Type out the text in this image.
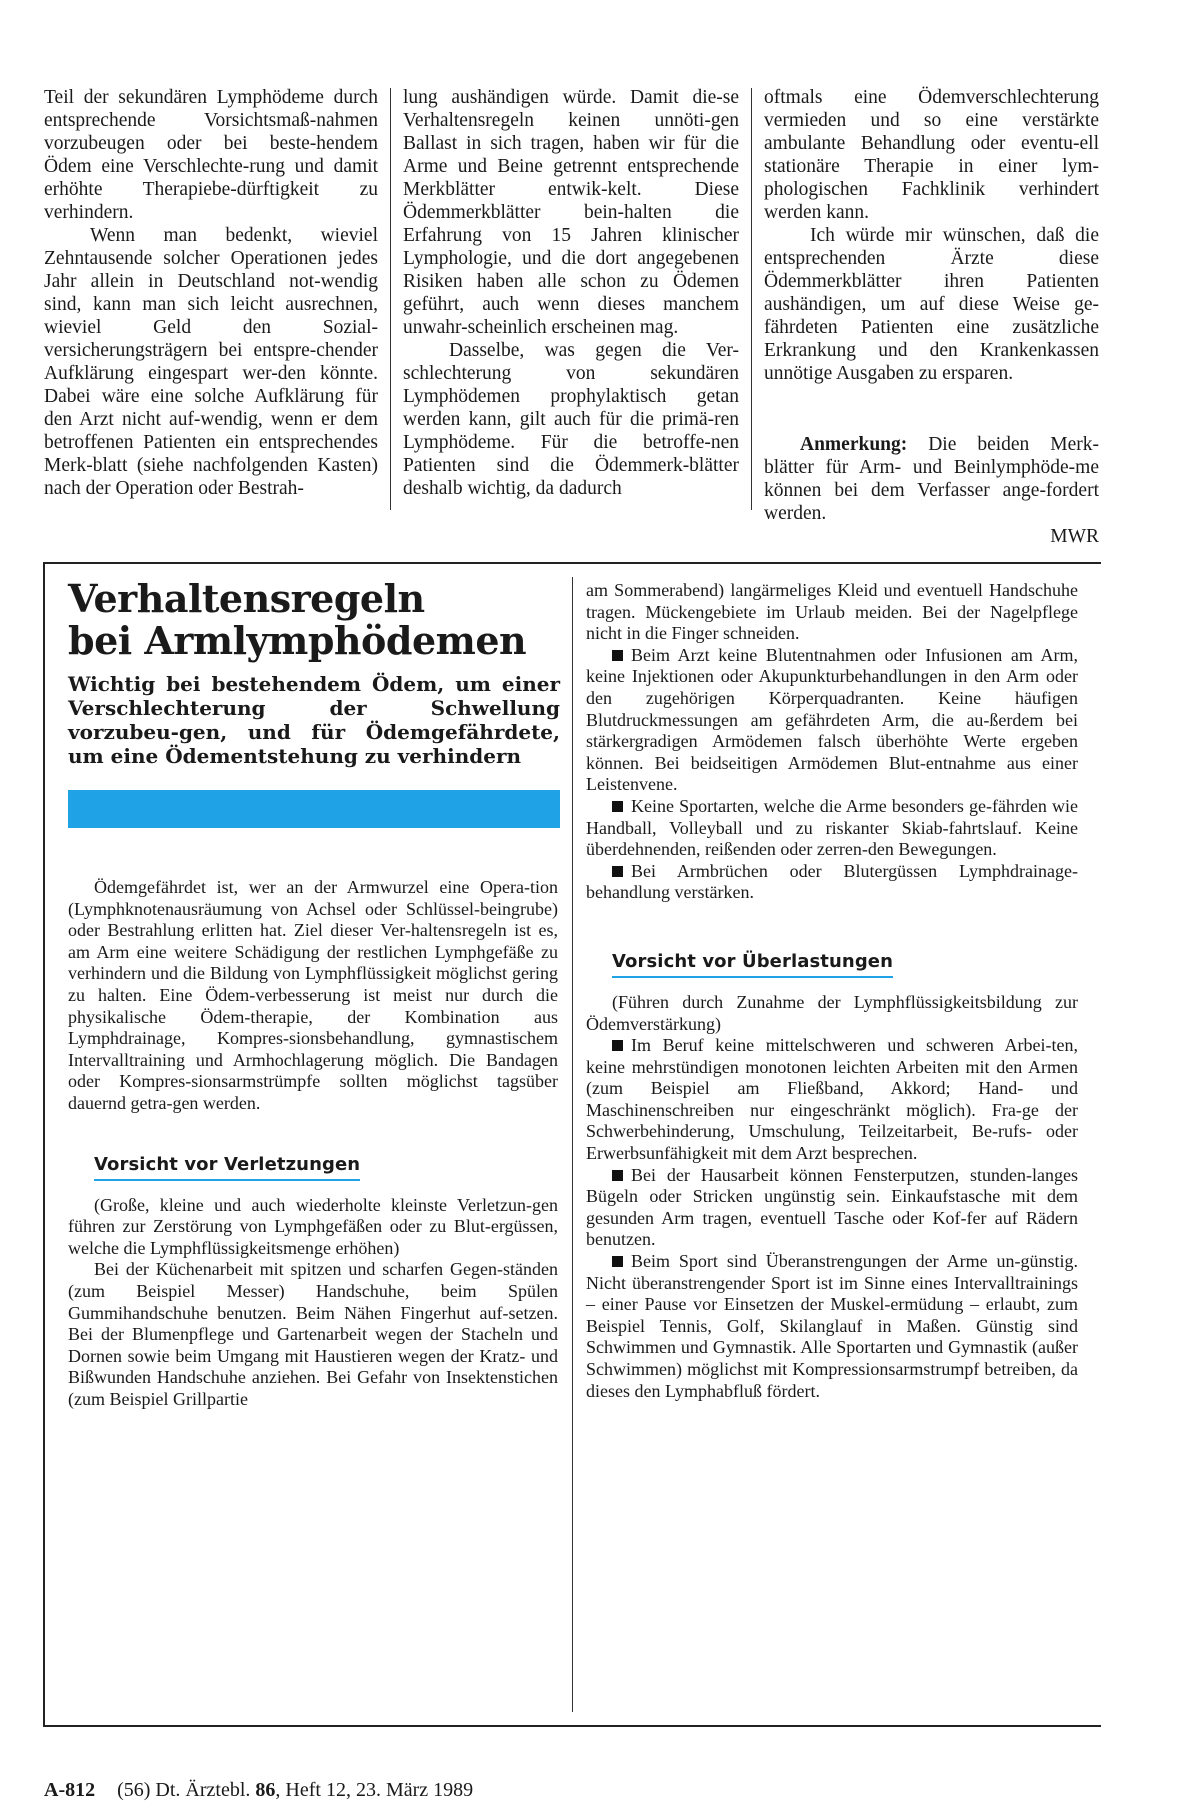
Teil der sekundären Lymphödeme durch entsprechende Vorsichtsmaß-nahmen vorzubeugen oder bei beste-hendem Ödem eine Verschlechte-rung und damit erhöhte Therapiebe-dürftigkeit zu verhindern.

Wenn man bedenkt, wieviel Zehntausende solcher Operationen jedes Jahr allein in Deutschland not-wendig sind, kann man sich leicht ausrechnen, wieviel Geld den Sozial-versicherungsträgern bei entspre-chender Aufklärung eingespart wer-den könnte. Dabei wäre eine solche Aufklärung für den Arzt nicht auf-wendig, wenn er dem betroffenen Patienten ein entsprechendes Merk-blatt (siehe nachfolgenden Kasten) nach der Operation oder Bestrah-

lung aushändigen würde. Damit die-se Verhaltensregeln keinen unnöti-gen Ballast in sich tragen, haben wir für die Arme und Beine getrennt entsprechende Merkblätter entwik-kelt. Diese Ödemmerkblätter bein-halten die Erfahrung von 15 Jahren klinischer Lymphologie, und die dort angegebenen Risiken haben alle schon zu Ödemen geführt, auch wenn dieses manchem unwahr-scheinlich erscheinen mag.

Dasselbe, was gegen die Ver-schlechterung von sekundären Lymphödemen prophylaktisch getan werden kann, gilt auch für die primä-ren Lymphödeme. Für die betroffe-nen Patienten sind die Ödemmerk-blätter deshalb wichtig, da dadurch

oftmals eine Ödemverschlechterung vermieden und so eine verstärkte ambulante Behandlung oder eventu-ell stationäre Therapie in einer lym-phologischen Fachklinik verhindert werden kann.

Ich würde mir wünschen, daß die entsprechenden Ärzte diese Ödemmerkblätter ihren Patienten aushändigen, um auf diese Weise ge-fährdeten Patienten eine zusätzliche Erkrankung und den Krankenkassen unnötige Ausgaben zu ersparen.

Anmerkung: Die beiden Merk-blätter für Arm- und Beinlymphöde-me können bei dem Verfasser ange-fordert werden.
MWR

Verhaltensregeln
bei Armlymphödemen
Wichtig bei bestehendem Ödem, um einer Verschlechterung der Schwellung vorzubeu-gen, und für Ödemgefährdete, um eine Ödementstehung zu verhindern

Ödemgefährdet ist, wer an der Armwurzel eine Opera-tion (Lymphknotenausräumung von Achsel oder Schlüssel-beingrube) oder Bestrahlung erlitten hat. Ziel dieser Ver-haltensregeln ist es, am Arm eine weitere Schädigung der restlichen Lymphgefäße zu verhindern und die Bildung von Lymphflüssigkeit möglichst gering zu halten. Eine Ödem-verbesserung ist meist nur durch die physikalische Ödem-therapie, der Kombination aus Lymphdrainage, Kompres-sionsbehandlung, gymnastischem Intervalltraining und Armhochlagerung möglich. Die Bandagen oder Kompres-sionsarmstrümpfe sollten möglichst tagsüber dauernd getra-gen werden.

Vorsicht vor Verletzungen

(Große, kleine und auch wiederholte kleinste Verletzun-gen führen zur Zerstörung von Lymphgefäßen oder zu Blut-ergüssen, welche die Lymphflüssigkeitsmenge erhöhen)

Bei der Küchenarbeit mit spitzen und scharfen Gegen-ständen (zum Beispiel Messer) Handschuhe, beim Spülen Gummihandschuhe benutzen. Beim Nähen Fingerhut auf-setzen. Bei der Blumenpflege und Gartenarbeit wegen der Stacheln und Dornen sowie beim Umgang mit Haustieren wegen der Kratz- und Bißwunden Handschuhe anziehen. Bei Gefahr von Insektenstichen (zum Beispiel Grillpartie

am Sommerabend) langärmeliges Kleid und eventuell Handschuhe tragen. Mückengebiete im Urlaub meiden. Bei der Nagelpflege nicht in die Finger schneiden.

Beim Arzt keine Blutentnahmen oder Infusionen am Arm, keine Injektionen oder Akupunkturbehandlungen in den Arm oder den zugehörigen Körperquadranten. Keine häufigen Blutdruckmessungen am gefährdeten Arm, die au-ßerdem bei stärkergradigen Armödemen falsch überhöhte Werte ergeben können. Bei beidseitigen Armödemen Blut-entnahme aus einer Leistenvene.

Keine Sportarten, welche die Arme besonders ge-fährden wie Handball, Volleyball und zu riskanter Skiab-fahrtslauf. Keine überdehnenden, reißenden oder zerren-den Bewegungen.

Bei Armbrüchen oder Blutergüssen Lymphdrainage-behandlung verstärken.

Vorsicht vor Überlastungen

(Führen durch Zunahme der Lymphflüssigkeitsbildung zur Ödemverstärkung)

Im Beruf keine mittelschweren und schweren Arbei-ten, keine mehrstündigen monotonen leichten Arbeiten mit den Armen (zum Beispiel am Fließband, Akkord; Hand- und Maschinenschreiben nur eingeschränkt möglich). Fra-ge der Schwerbehinderung, Umschulung, Teilzeitarbeit, Be-rufs- oder Erwerbsunfähigkeit mit dem Arzt besprechen.

Bei der Hausarbeit können Fensterputzen, stunden-langes Bügeln oder Stricken ungünstig sein. Einkaufstasche mit dem gesunden Arm tragen, eventuell Tasche oder Kof-fer auf Rädern benutzen.

Beim Sport sind Überanstrengungen der Arme un-günstig. Nicht überanstrengender Sport ist im Sinne eines Intervalltrainings – einer Pause vor Einsetzen der Muskel-ermüdung – erlaubt, zum Beispiel Tennis, Golf, Skilanglauf in Maßen. Günstig sind Schwimmen und Gymnastik. Alle Sportarten und Gymnastik (außer Schwimmen) möglichst mit Kompressionsarmstrumpf betreiben, da dieses den Lymphabfluß fördert.

A-812 (56) Dt. Ärztebl. 86, Heft 12, 23. März 1989
